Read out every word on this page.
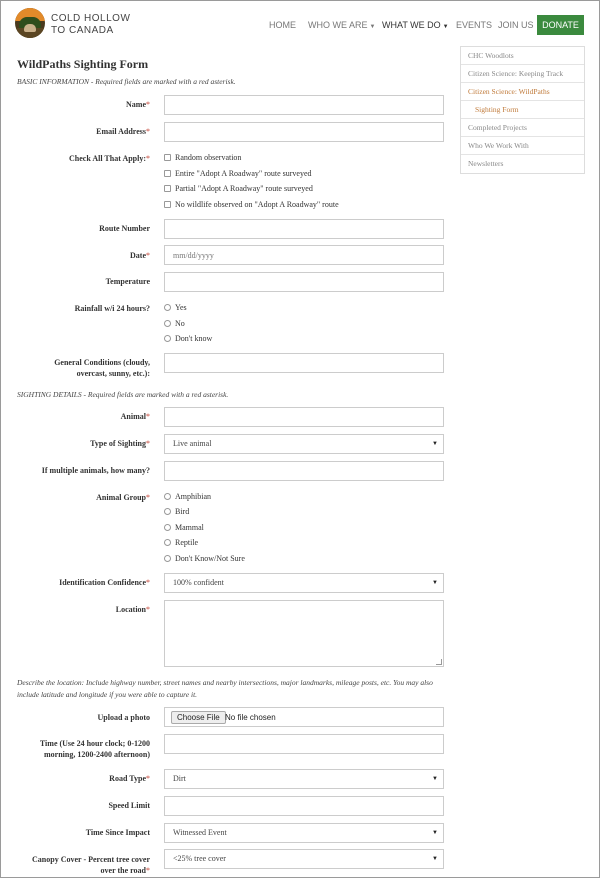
COLD HOLLOW
TO CANADA	HOME WHO WE ARE ▼ WHAT WE DO ▼ EVENTS JOIN US DONATE
CHC Woodlots
Citizen Science: Keeping Track
Citizen Science: WildPaths
Sighting Form
Completed Projects
Who We Work With
Newsletters
WildPaths Sighting Form
BASIC INFORMATION - Required fields are marked with a red asterisk.
Name*
Email Address*
Check All That Apply:*	Random observation
Entire "Adopt A Roadway" route surveyed
Partial "Adopt A Roadway" route surveyed
No wildlife observed on "Adopt A Roadway" route
Route Number
Date*
mm/dd/yyyy
Temperature
Rainfall w/i 24 hours?	Yes
No
Don't know
General Conditions (cloudy,
overcast, sunny, etc.):
SIGHTING DETAILS - Required fields are marked with a red asterisk.
Animal*
Type of Sighting*	Live animal	▼
If multiple animals, how many?
Animal Group*	Amphibian
Bird
Mammal
Reptile
Don't Know/Not Sure
Identification Confidence*	100% confident	▼
Location*
Describe the location: Include highway number, street names and nearby intersections, major landmarks, mileage posts, etc. You may also include latitude and longitude if you were able to capture it.
Upload a photo	Choose File No file chosen
Time (Use 24 hour clock; 0-1200
morning, 1200-2400 afternoon)
Road Type*	Dirt	▼
Speed Limit
Time Since Impact	Witnessed Event	▼
Canopy Cover - Percent tree cover
over the road*
<25% tree cover	▼
